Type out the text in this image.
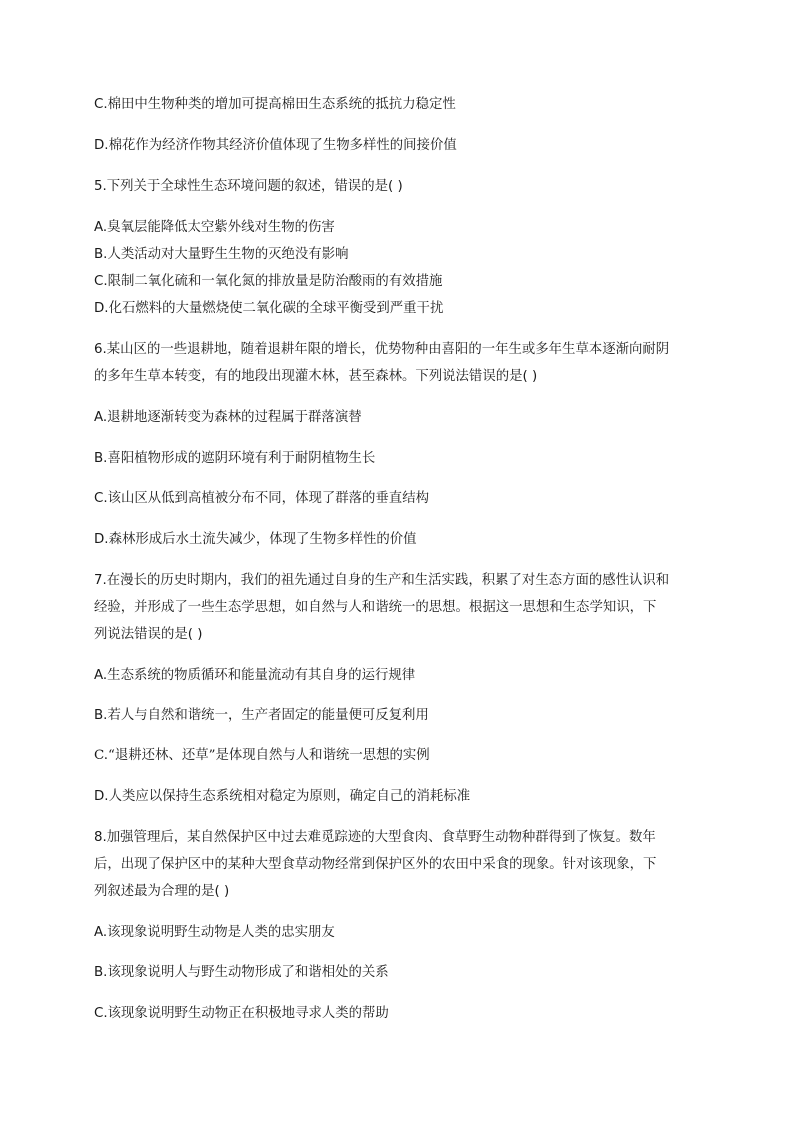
C.棉田中生物种类的增加可提高棉田生态系统的抵抗力稳定性
D.棉花作为经济作物其经济价值体现了生物多样性的间接价值
5.下列关于全球性生态环境问题的叙述，错误的是( )
A.臭氧层能降低太空紫外线对生物的伤害
B.人类活动对大量野生生物的灭绝没有影响
C.限制二氧化硫和一氧化氮的排放量是防治酸雨的有效措施
D.化石燃料的大量燃烧使二氧化碳的全球平衡受到严重干扰
6.某山区的一些退耕地，随着退耕年限的增长，优势物种由喜阳的一年生或多年生草本逐渐向耐阴
的多年生草本转变，有的地段出现灌木林，甚至森林。下列说法错误的是( )
A.退耕地逐渐转变为森林的过程属于群落演替
B.喜阳植物形成的遮阴环境有利于耐阴植物生长
C.该山区从低到高植被分布不同，体现了群落的垂直结构
D.森林形成后水土流失减少，体现了生物多样性的价值
7.在漫长的历史时期内，我们的祖先通过自身的生产和生活实践，积累了对生态方面的感性认识和
经验，并形成了一些生态学思想，如自然与人和谐统一的思想。根据这一思想和生态学知识，下
列说法错误的是( )
A.生态系统的物质循环和能量流动有其自身的运行规律
B.若人与自然和谐统一，生产者固定的能量便可反复利用
C.“退耕还林、还草”是体现自然与人和谐统一思想的实例
D.人类应以保持生态系统相对稳定为原则，确定自己的消耗标准
8.加强管理后，某自然保护区中过去难觅踪迹的大型食肉、食草野生动物种群得到了恢复。数年
后，出现了保护区中的某种大型食草动物经常到保护区外的农田中采食的现象。针对该现象，下
列叙述最为合理的是( )
A.该现象说明野生动物是人类的忠实朋友
B.该现象说明人与野生动物形成了和谐相处的关系
C.该现象说明野生动物正在积极地寻求人类的帮助
